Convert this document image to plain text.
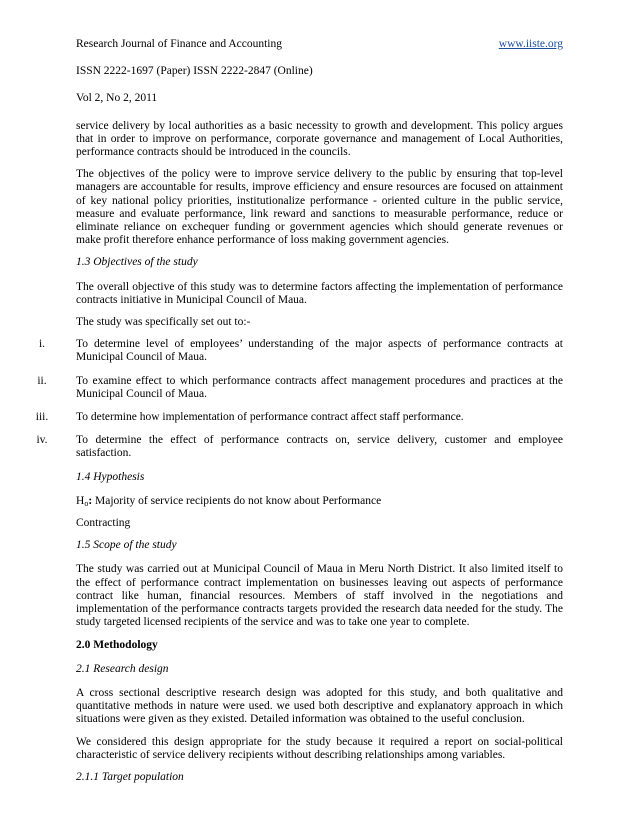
Research Journal of Finance and Accounting	www.iiste.org
ISSN 2222-1697 (Paper) ISSN 2222-2847 (Online)
Vol 2, No 2, 2011

service delivery by local authorities as a basic necessity to growth and development. This policy argues that in order to improve on performance, corporate governance and management of Local Authorities, performance contracts should be introduced in the councils.

The objectives of the policy were to improve service delivery to the public by ensuring that top-level managers are accountable for results, improve efficiency and ensure resources are focused on attainment of key national policy priorities, institutionalize performance - oriented culture in the public service, measure and evaluate performance, link reward and sanctions to measurable performance, reduce or eliminate reliance on exchequer funding or government agencies which should generate revenues or make profit therefore enhance performance of loss making government agencies.

1.3 Objectives of the study

The overall objective of this study was to determine factors affecting the implementation of performance contracts initiative in Municipal Council of Maua.

The study was specifically set out to:-

i.	To determine level of employees’ understanding of the major aspects of performance contracts at Municipal Council of Maua.
ii.	To examine effect to which performance contracts affect management procedures and practices at the Municipal Council of Maua.
iii.	To determine how implementation of performance contract affect staff performance.
iv.	To determine the effect of performance contracts on, service delivery, customer and employee satisfaction.
1.4 Hypothesis

$H_o$: Majority of service recipients do not know about Performance

Contracting

1.5 Scope of the study

The study was carried out at Municipal Council of Maua in Meru North District. It also limited itself to the effect of performance contract implementation on businesses leaving out aspects of performance contract like human, financial resources. Members of staff involved in the negotiations and implementation of the performance contracts targets provided the research data needed for the study. The study targeted licensed recipients of the service and was to take one year to complete.

2.0 Methodology
2.1 Research design

A cross sectional descriptive research design was adopted for this study, and both qualitative and quantitative methods in nature were used. we used both descriptive and explanatory approach in which situations were given as they existed. Detailed information was obtained to the useful conclusion.

We considered this design appropriate for the study because it required a report on social-political characteristic of service delivery recipients without describing relationships among variables.

2.1.1 Target population
